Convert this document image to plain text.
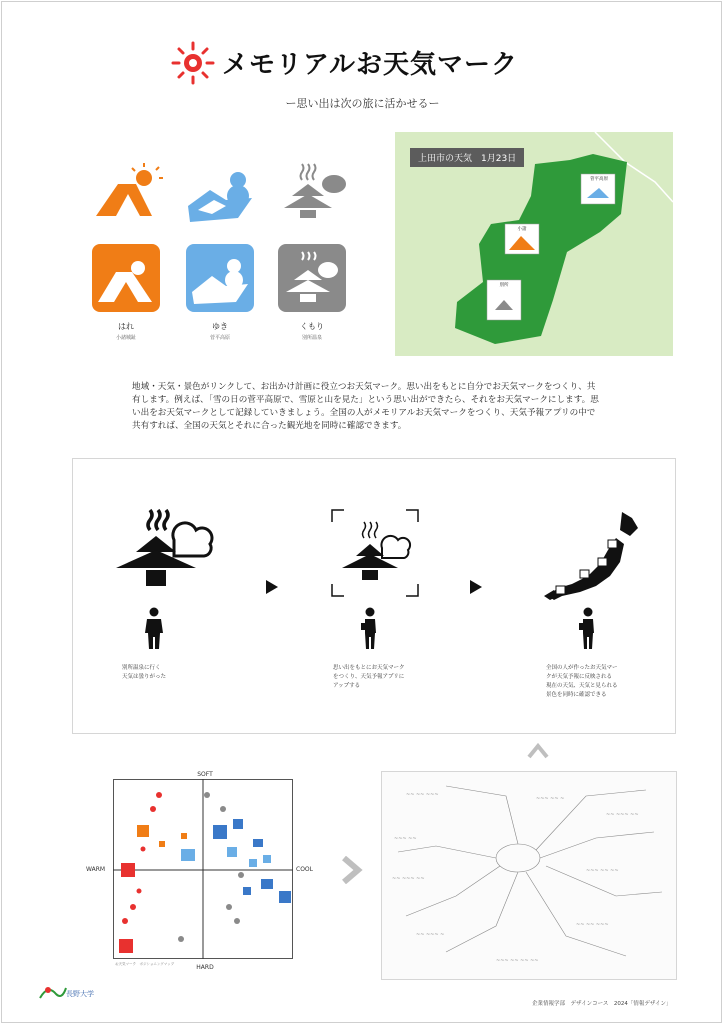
メモリアルお天気マーク
ー思い出は次の旅に活かせるー
はれ
小諸城趾
ゆき
菅平高原
くもり
別所温泉
上田市の天気　1月23日
菅平高原
小諸
別所
地域・天気・景色がリンクして、お出かけ計画に役立つお天気マーク。思い出をもとに自分でお天気マークをつくり、共有します。例えば、「雪の日の菅平高原で、雪原と山を見た」という思い出ができたら、それをお天気マークにします。思い出をお天気マークとして記録していきましょう。全国の人がメモリアルお天気マークをつくり、天気予報アプリの中で共有すれば、全国の天気とそれに合った観光地を同時に確認できます。
別所温泉に行く
天気は曇りがった
思い出をもとにお天気マーク
をつくり、天気予報アプリに
アップする
全国の人が作ったお天気マー
クが天気予報に反映される
現在の天気、天気と見られる
景色を同時に確認できる
SOFT
HARD
WARM	COOL
お天気マーク　ポジショニングマップ
~~ ~~ ~~~
~~~ ~~ ~
~~ ~~~ ~~
~~~ ~~
~~ ~~~ ~~
~~~ ~~ ~~
~~ ~~~ ~
~~ ~~ ~~~
~~~ ~~ ~~ ~~
長野大学
企業情報学部　デザインコース　2024「情報デザイン」
